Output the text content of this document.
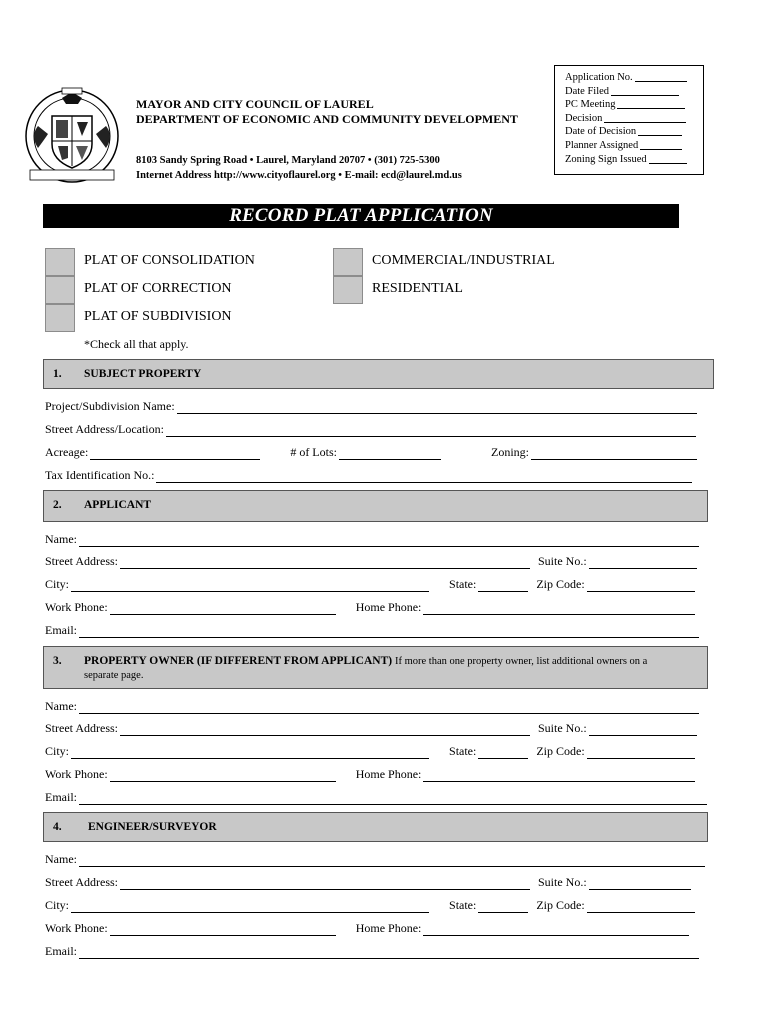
MAYOR AND CITY COUNCIL OF LAUREL
DEPARTMENT OF ECONOMIC AND COMMUNITY DEVELOPMENT
8103 Sandy Spring Road • Laurel, Maryland 20707 • (301) 725-5300
Internet Address http://www.cityoflaurel.org • E-mail: ecd@laurel.md.us
Application No.
Date Filed
PC Meeting
Decision
Date of Decision
Planner Assigned
Zoning Sign Issued
RECORD PLAT APPLICATION
PLAT OF CONSOLIDATION
PLAT OF CORRECTION
PLAT OF SUBDIVISION
COMMERCIAL/INDUSTRIAL
RESIDENTIAL
*Check all that apply.
1. SUBJECT PROPERTY
Project/Subdivision Name:
Street Address/Location:
Acreage:	# of Lots:	Zoning:
Tax Identification No.:
2. APPLICANT
Name:
Street Address:	Suite No.:
City:	State:	Zip Code:
Work Phone:	Home Phone:
Email:
3. PROPERTY OWNER (IF DIFFERENT FROM APPLICANT) If more than one property owner, list additional owners on a
separate page.
Name:
Street Address:	Suite No.:
City:	State:	Zip Code:
Work Phone:	Home Phone:
Email:
4. ENGINEER/SURVEYOR
Name:
Street Address:	Suite No.:
City:	State:	Zip Code:
Work Phone:	Home Phone:
Email:
